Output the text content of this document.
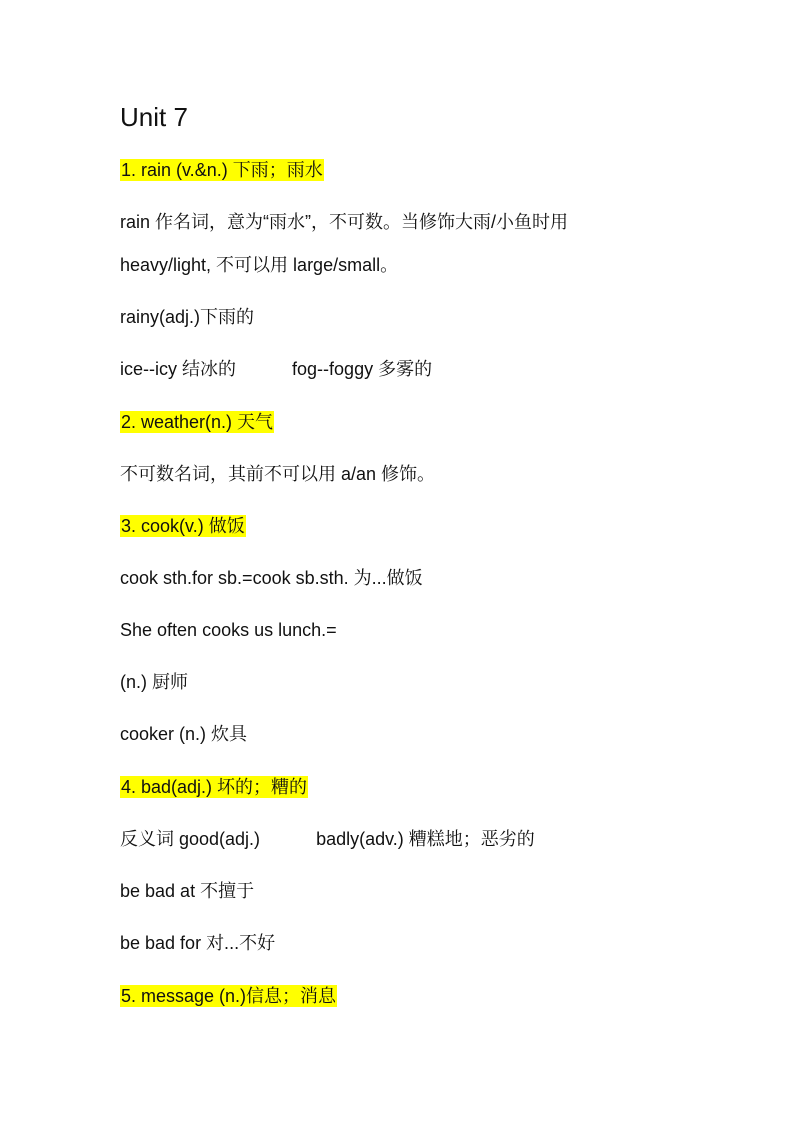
Unit 7
1. rain (v.&n.) 下雨；雨水
rain 作名词，意为“雨水”，不可数。当修饰大雨/小鱼时用
heavy/light, 不可以用 large/small。
rainy(adj.)下雨的
ice--icy 结冰的	fog--foggy 多雾的
2. weather(n.) 天气
不可数名词，其前不可以用 a/an 修饰。
3. cook(v.) 做饭
cook sth.for sb.=cook sb.sth. 为...做饭
She often cooks us lunch.=
(n.) 厨师
cooker (n.) 炊具
4. bad(adj.) 坏的；糟的
反义词 good(adj.)	badly(adv.) 糟糕地；恶劣的
be bad at 不擅于
be bad for 对...不好
5. message (n.)信息；消息
